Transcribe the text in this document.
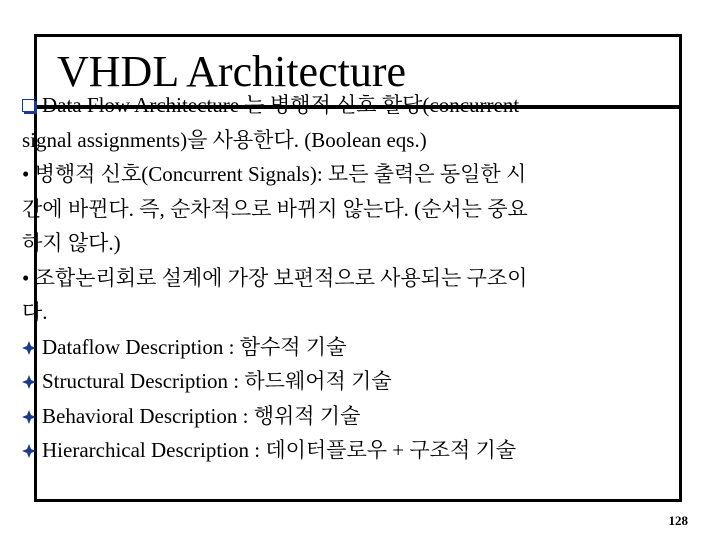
VHDL Architecture
Data Flow Architecture 는 병행적 신호 할당(concurrent
signal assignments)을 사용한다. (Boolean eqs.)
• 병행적 신호(Concurrent Signals): 모든 출력은 동일한 시
간에 바뀐다. 즉, 순차적으로 바뀌지 않는다. (순서는 중요
하지 않다.)
• 조합논리회로 설계에 가장 보편적으로 사용되는 구조이
다.
Dataflow Description : 함수적 기술
Structural Description : 하드웨어적 기술
Behavioral Description : 행위적 기술
Hierarchical Description : 데이터플로우 + 구조적 기술
128
